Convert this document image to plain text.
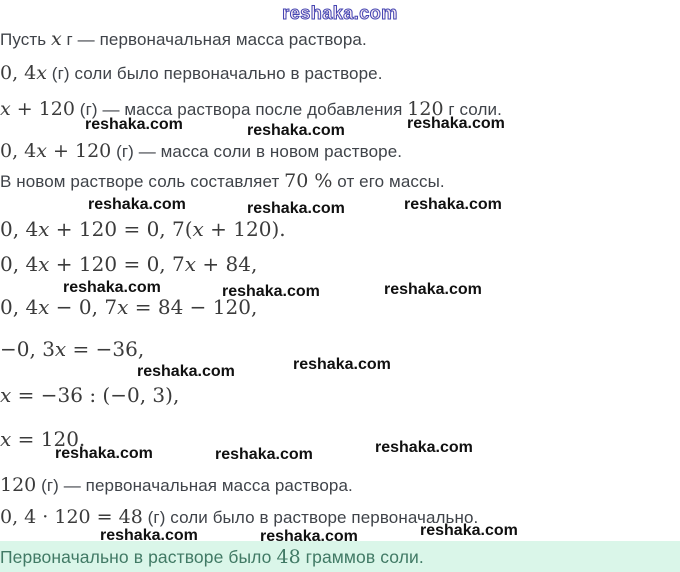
reshaka.com
Пусть x г — первоначальная масса раствора.
0, 4x (г) соли было первоначально в растворе.
x + 120 (г) — масса раствора после добавления 120 г соли.
0, 4x + 120 (г) — масса соли в новом растворе.
В новом растворе соль составляет 70 % от его массы.
0, 4x + 120 = 0, 7(x + 120).
0, 4x + 120 = 0, 7x + 84,
0, 4x − 0, 7x = 84 − 120,
−0, 3x = −36,
x = −36 : (−0, 3),
x = 120.
120 (г) — первоначальная масса раствора.
0, 4 · 120 = 48 (г) соли было в растворе первоначально.
Первоначально в растворе было 48 граммов соли.
reshaka.com	reshaka.com	reshaka.com
reshaka.com	reshaka.com	reshaka.com
reshaka.com	reshaka.com	reshaka.com
reshaka.com	reshaka.com
reshaka.com	reshaka.com	reshaka.com
reshaka.com	reshaka.com	reshaka.com
